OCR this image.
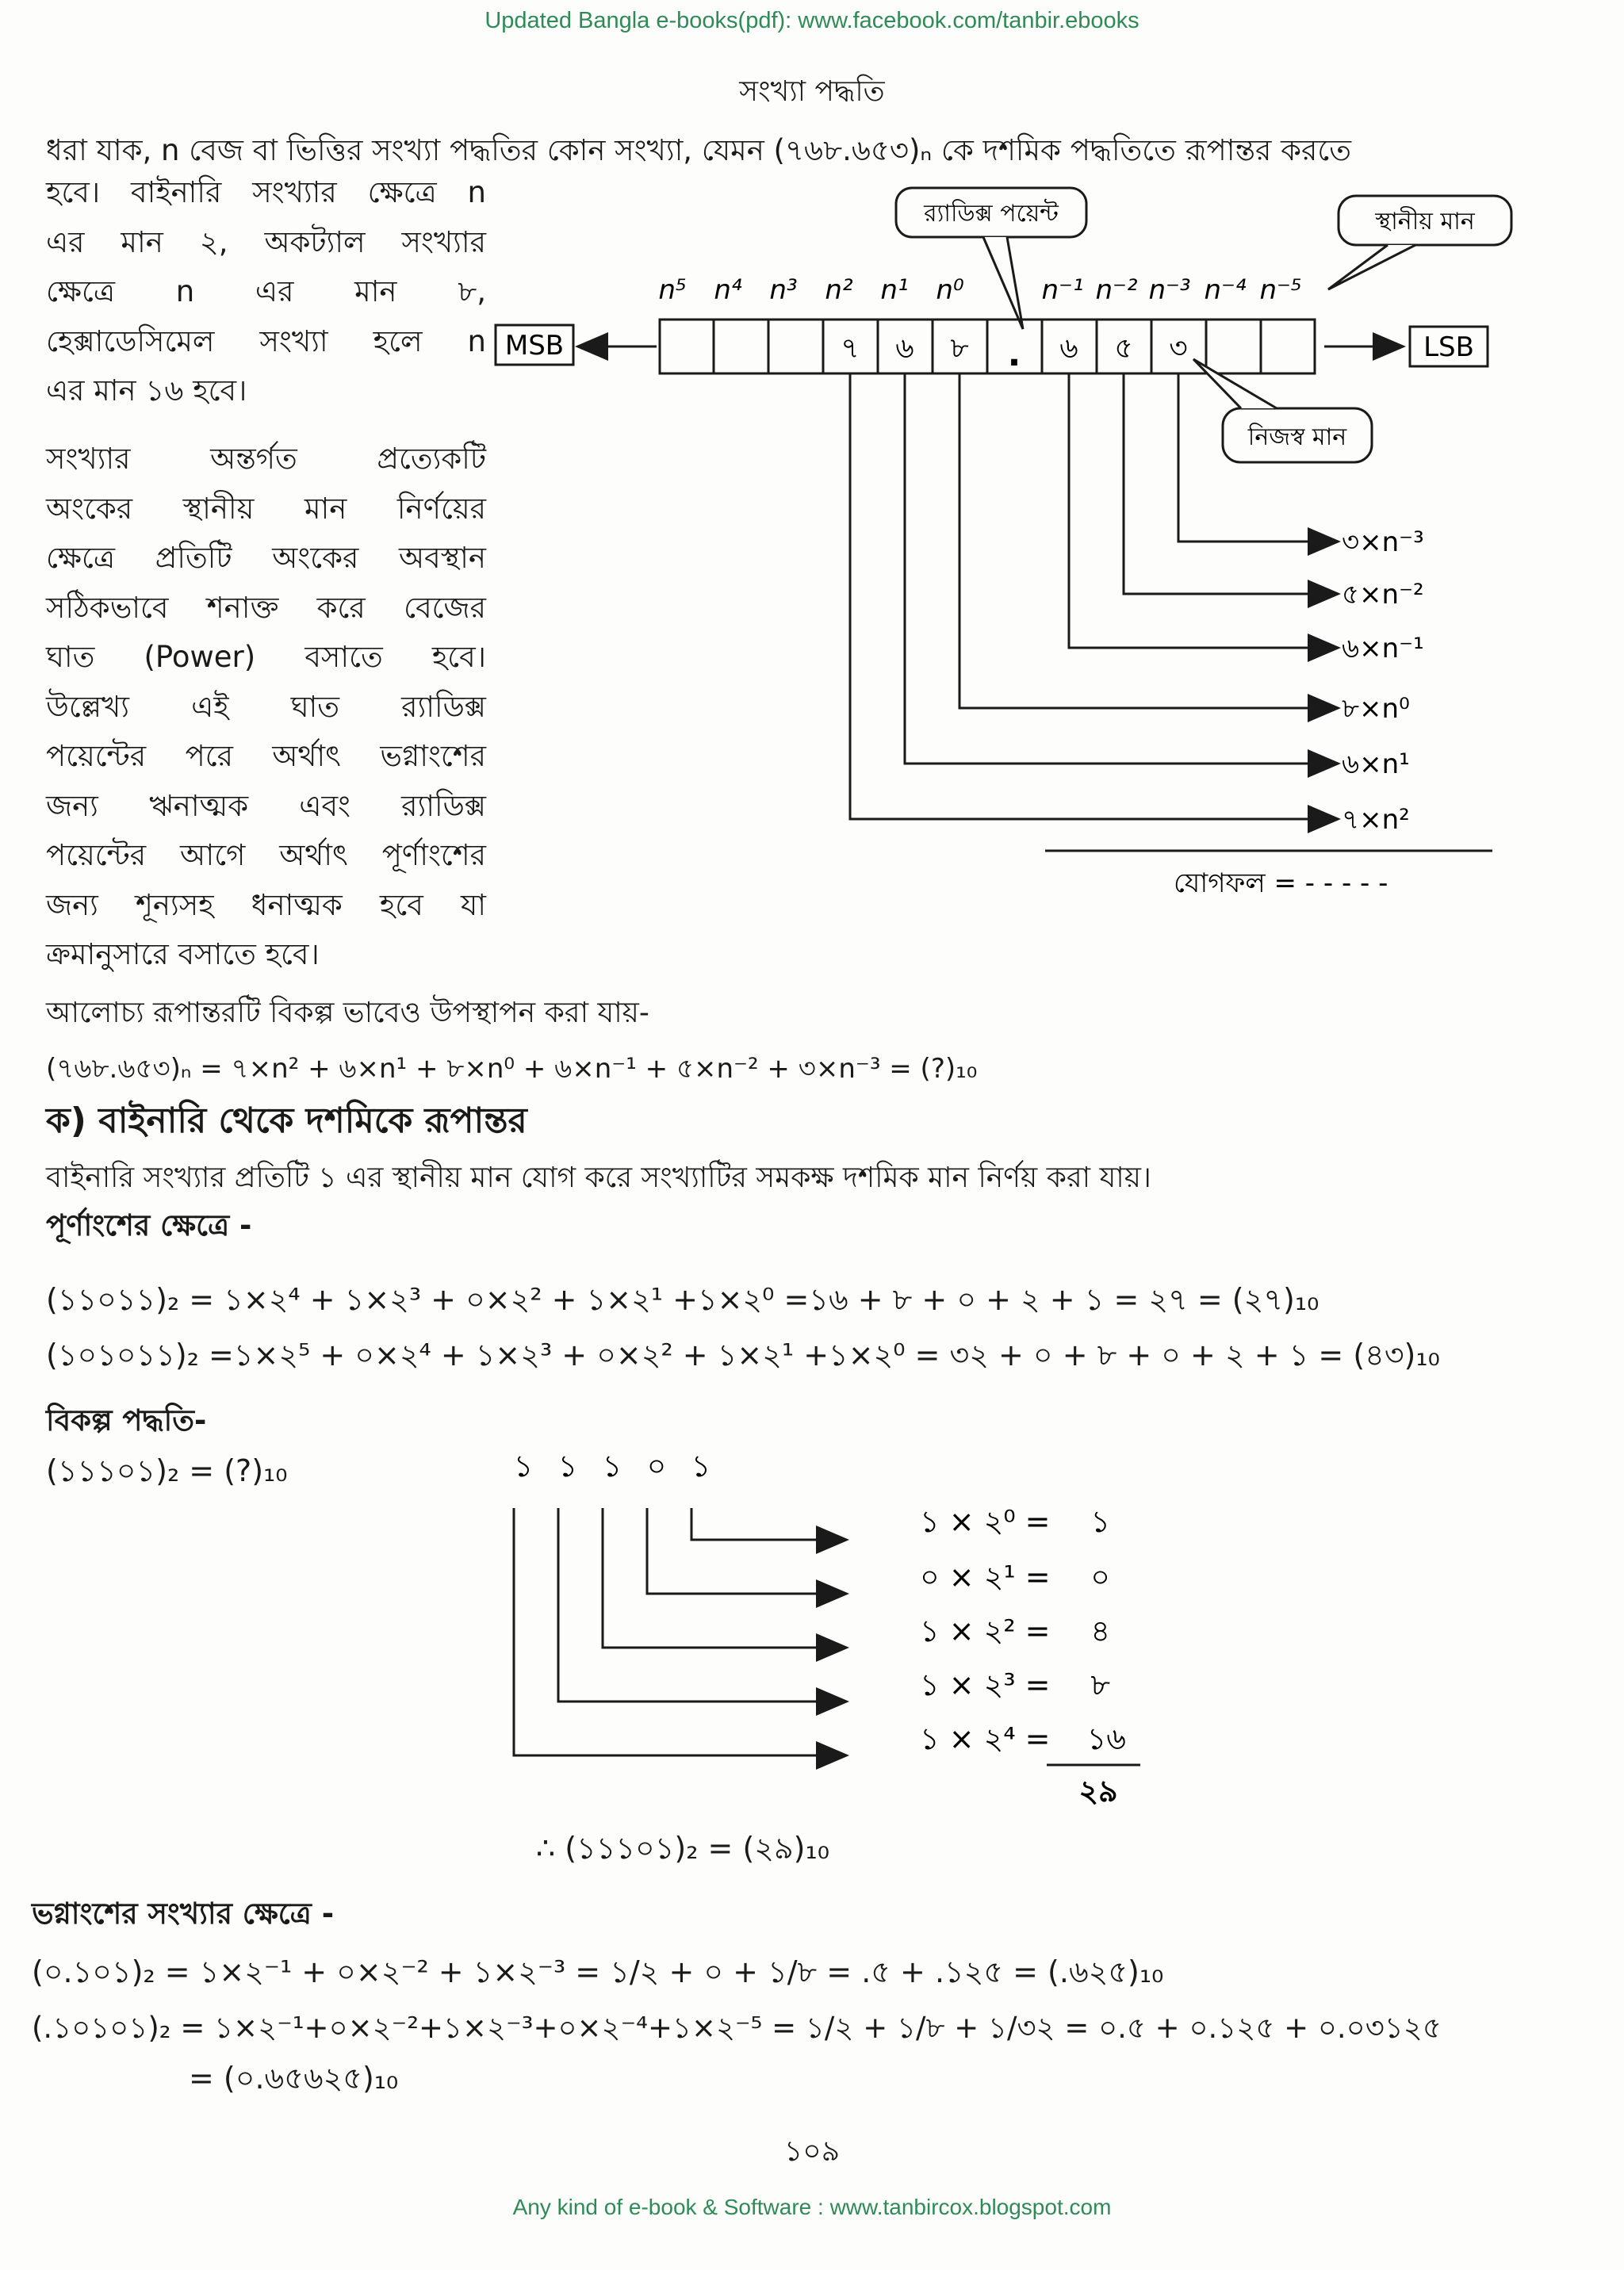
Updated Bangla e-books(pdf): www.facebook.com/tanbir.ebooks
সংখ্যা পদ্ধতি
ধরা যাক, n বেজ বা ভিত্তির সংখ্যা পদ্ধতির কোন সংখ্যা, যেমন (৭৬৮.৬৫৩)ₙ কে দশমিক পদ্ধতিতে রূপান্তর করতে
হবে। বাইনারি সংখ্যার ক্ষেত্রে n
এর মান ২, অকট্যাল সংখ্যার
ক্ষেত্রে n এর মান ৮,
হেক্সাডেসিমেল সংখ্যা হলে n
এর মান ১৬ হবে।
সংখ্যার অন্তর্গত প্রত্যেকটি
অংকের স্থানীয় মান নির্ণয়ের
ক্ষেত্রে প্রতিটি অংকের অবস্থান
সঠিকভাবে শনাক্ত করে বেজের
ঘাত (Power) বসাতে হবে।
উল্লেখ্য এই ঘাত র‍্যাডিক্স
পয়েন্টের পরে অর্থাৎ ভগ্নাংশের
জন্য ঋনাত্মক এবং র‍্যাডিক্স
পয়েন্টের আগে অর্থাৎ পূর্ণাংশের
জন্য শূন্যসহ ধনাত্মক হবে যা
ক্রমানুসারে বসাতে হবে।
র‍্যাডিক্স পয়েন্ট	স্থানীয় মান
n⁵ n⁴ n³ n² n¹ n⁰	n⁻¹ n⁻² n⁻³ n⁻⁴ n⁻⁵
MSB	৭ ৬ ৮ . ৬ ৫ ৩	LSB
নিজস্ব মান
৩×n⁻³
৫×n⁻²
৬×n⁻¹
৮×n⁰
৬×n¹
৭×n²
যোগফল = - - - - -
আলোচ্য রূপান্তরটি বিকল্প ভাবেও উপস্থাপন করা যায়-
(৭৬৮.৬৫৩)ₙ = ৭×n² + ৬×n¹ + ৮×n⁰ + ৬×n⁻¹ + ৫×n⁻² + ৩×n⁻³ = (?)₁₀
ক) বাইনারি থেকে দশমিকে রূপান্তর
বাইনারি সংখ্যার প্রতিটি ১ এর স্থানীয় মান যোগ করে সংখ্যাটির সমকক্ষ দশমিক মান নির্ণয় করা যায়।
পূর্ণাংশের ক্ষেত্রে -
(১১০১১)₂ = ১×২⁴ + ১×২³ + ০×২² + ১×২¹ +১×২⁰ =১৬ + ৮ + ০ + ২ + ১ = ২৭ = (২৭)₁₀
(১০১০১১)₂ =১×২⁵ + ০×২⁴ + ১×২³ + ০×২² + ১×২¹ +১×২⁰ = ৩২ + ০ + ৮ + ০ + ২ + ১ = (৪৩)₁₀
বিকল্প পদ্ধতি-
(১১১০১)₂ = (?)₁₀	১ ১ ১ ০ ১
১ × ২⁰ = ১
০ × ২¹ = ০
১ × ২² = ৪
১ × ২³ = ৮
১ × ২⁴ = ১৬
২৯
∴ (১১১০১)₂ = (২৯)₁₀
ভগ্নাংশের সংখ্যার ক্ষেত্রে -
(০.১০১)₂ = ১×২⁻¹ + ০×২⁻² + ১×২⁻³ = ১/২ + ০ + ১/৮ = .৫ + .১২৫ = (.৬২৫)₁₀
(.১০১০১)₂ = ১×২⁻¹+০×২⁻²+১×২⁻³+০×২⁻⁴+১×২⁻⁵ = ১/২ + ১/৮ + ১/৩২ = ০.৫ + ০.১২৫ + ০.০৩১২৫
= (০.৬৫৬২৫)₁₀
১০৯
Any kind of e-book & Software : www.tanbircox.blogspot.com
